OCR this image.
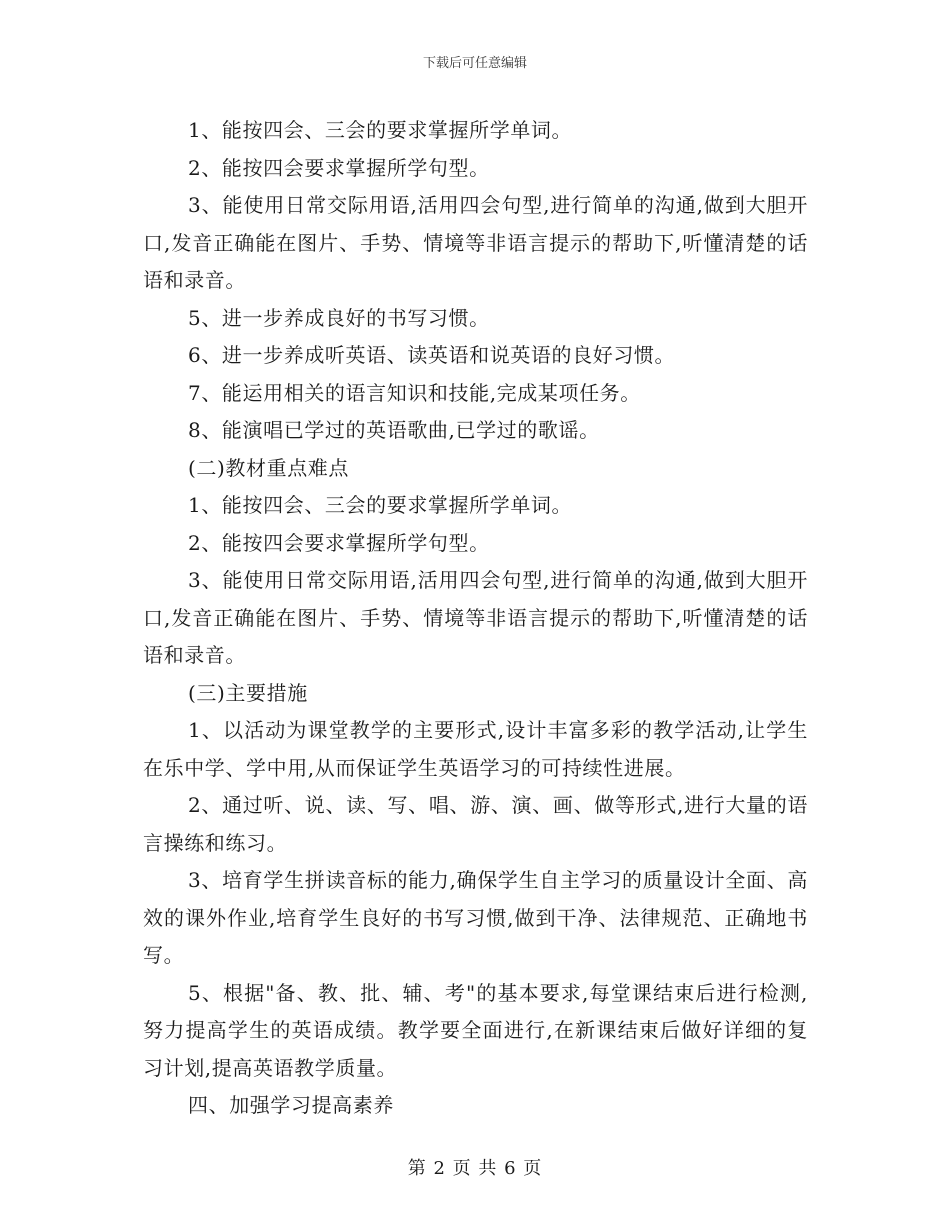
下载后可任意编辑

1、能按四会、三会的要求掌握所学单词。

2、能按四会要求掌握所学句型。

3、能使用日常交际用语,活用四会句型,进行简单的沟通,做到大胆开口,发音正确能在图片、手势、情境等非语言提示的帮助下,听懂清楚的话语和录音。

5、进一步养成良好的书写习惯。

6、进一步养成听英语、读英语和说英语的良好习惯。

7、能运用相关的语言知识和技能,完成某项任务。

8、能演唱已学过的英语歌曲,已学过的歌谣。

(二)教材重点难点

1、能按四会、三会的要求掌握所学单词。

2、能按四会要求掌握所学句型。

3、能使用日常交际用语,活用四会句型,进行简单的沟通,做到大胆开口,发音正确能在图片、手势、情境等非语言提示的帮助下,听懂清楚的话语和录音。

(三)主要措施

1、以活动为课堂教学的主要形式,设计丰富多彩的教学活动,让学生在乐中学、学中用,从而保证学生英语学习的可持续性进展。

2、通过听、说、读、写、唱、游、演、画、做等形式,进行大量的语言操练和练习。

3、培育学生拼读音标的能力,确保学生自主学习的质量设计全面、高效的课外作业,培育学生良好的书写习惯,做到干净、法律规范、正确地书写。

5、根据"备、教、批、辅、考"的基本要求,每堂课结束后进行检测,努力提高学生的英语成绩。教学要全面进行,在新课结束后做好详细的复习计划,提高英语教学质量。

四、加强学习提高素养

第 2 页 共 6 页
